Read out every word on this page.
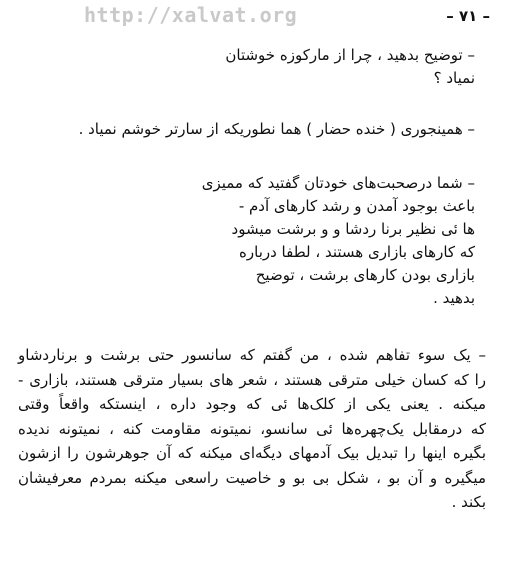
http://xalvat.org	– ۷۱ –
– توضیح بدهید ، چرا از مارکوزه خوشتان
نمیاد ؟
– همینجوری ( خنده حضار ) هما نطوریکه از سارتر خوشم نمیاد .
– شما درصحبت‌های خودتان گفتید که ممیزی
باعث بوجود آمدن و رشد کارهای آدم -
ها ئی نظیر برنا ردشا و و برشت میشود
که کارهای بازاری هستند ، لطفا درباره
بازاری بودن کارهای برشت ، توضیح
بدهید .
– یک سوء تفاهم شده ، من گفتم که سانسور حتی برشت و برناردشاو
را که کسان خیلی مترقی هستند ، شعر های بسیار مترقی هستند، بازاری -
میکنه . یعنی یکی از کلک‌ها ئی که وجود داره ، اینستکه واقعاً وقتی
که درمقابل یک‌چهره‌ها ئی سانسو، نمیتونه مقاومت کنه ، نمیتونه ندیده
بگیره اینها را تبدیل بیک آدمهای دیگه‌ای میکنه که آن جوهرشون را ازشون
میگیره و آن بو ، شکل بی بو و خاصیت راسعی میکنه بمردم معرفیشان
بکند .
